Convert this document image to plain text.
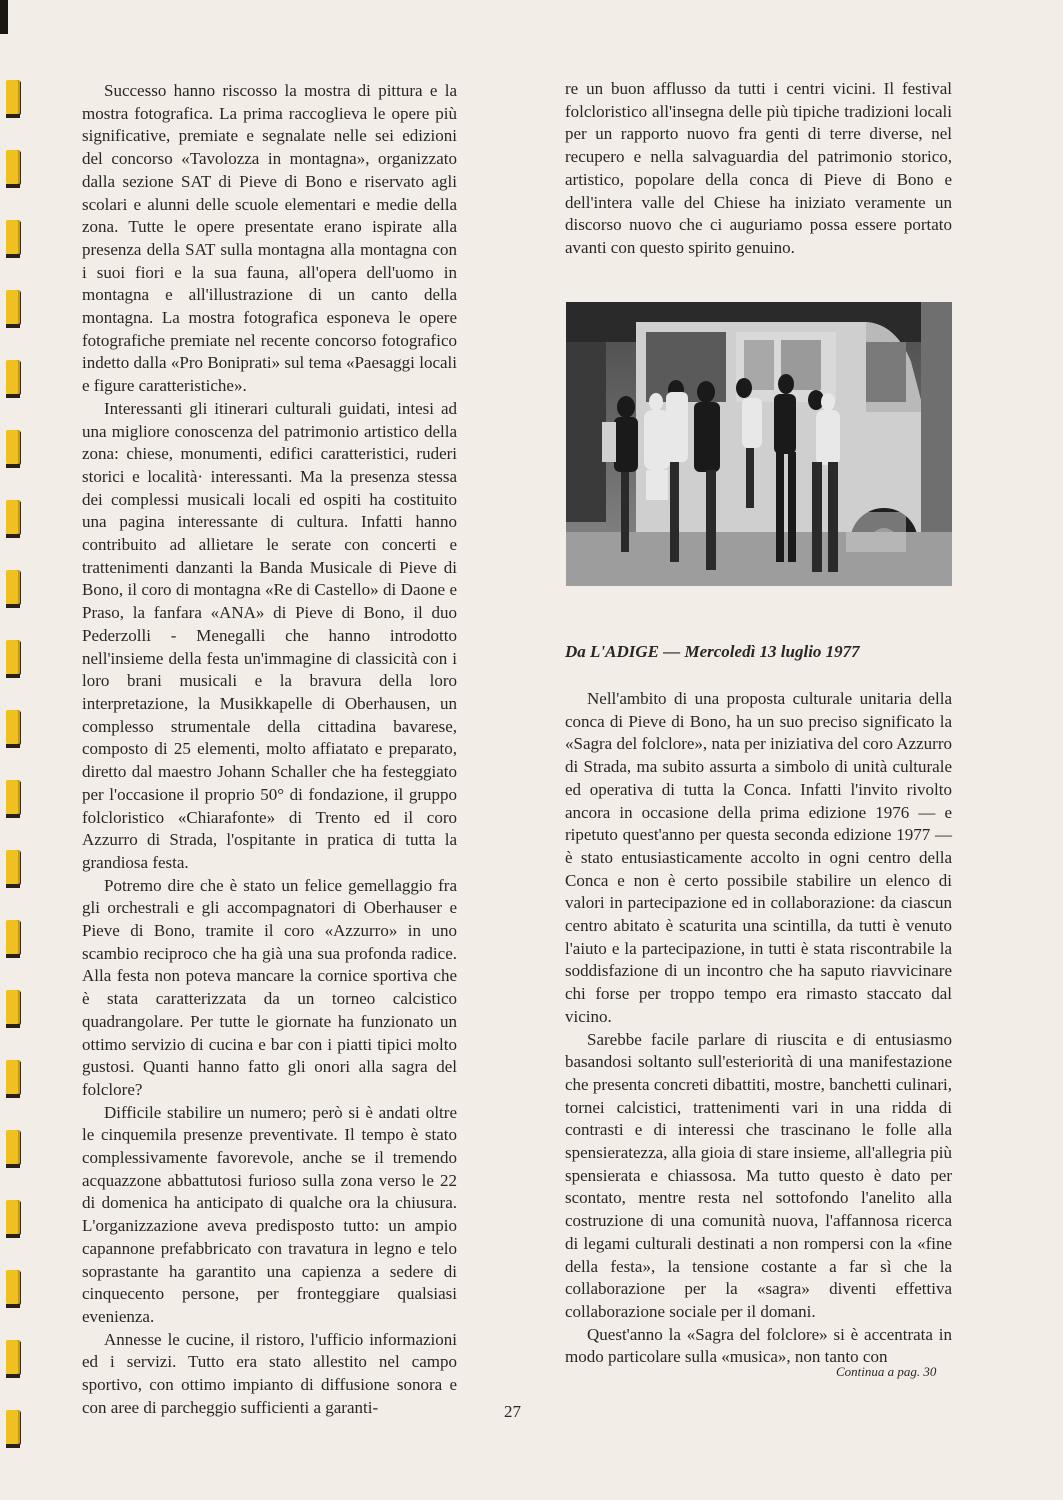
Successo hanno riscosso la mostra di pittura e la mostra fotografica. La prima raccoglieva le opere più significative, premiate e segnalate nelle sei edizioni del concorso «Tavolozza in montagna», organizzato dalla sezione SAT di Pieve di Bono e riservato agli scolari e alunni delle scuole elementari e medie della zona. Tutte le opere presentate erano ispirate alla presenza della SAT sulla montagna alla montagna con i suoi fiori e la sua fauna, all'opera dell'uomo in montagna e all'illustrazione di un canto della montagna. La mostra fotografica esponeva le opere fotografiche premiate nel recente concorso fotografico indetto dalla «Pro Boniprati» sul tema «Paesaggi locali e figure caratteristiche».

Interessanti gli itinerari culturali guidati, intesi ad una migliore conoscenza del patrimonio artistico della zona: chiese, monumenti, edifici caratteristici, ruderi storici e località· interessanti. Ma la presenza stessa dei complessi musicali locali ed ospiti ha costituito una pagina interessante di cultura. Infatti hanno contribuito ad allietare le serate con concerti e trattenimenti danzanti la Banda Musicale di Pieve di Bono, il coro di montagna «Re di Castello» di Daone e Praso, la fanfara «ANA» di Pieve di Bono, il duo Pederzolli - Menegalli che hanno introdotto nell'insieme della festa un'immagine di classicità con i loro brani musicali e la bravura della loro interpretazione, la Musikkapelle di Oberhausen, un complesso strumentale della cittadina bavarese, composto di 25 elementi, molto affiatato e preparato, diretto dal maestro Johann Schaller che ha festeggiato per l'occasione il proprio 50° di fondazione, il gruppo folcloristico «Chiarafonte» di Trento ed il coro Azzurro di Strada, l'ospitante in pratica di tutta la grandiosa festa.

Potremo dire che è stato un felice gemellaggio fra gli orchestrali e gli accompagnatori di Oberhauser e Pieve di Bono, tramite il coro «Azzurro» in uno scambio reciproco che ha già una sua profonda radice. Alla festa non poteva mancare la cornice sportiva che è stata caratterizzata da un torneo calcistico quadrangolare. Per tutte le giornate ha funzionato un ottimo servizio di cucina e bar con i piatti tipici molto gustosi. Quanti hanno fatto gli onori alla sagra del folclore?

Difficile stabilire un numero; però si è andati oltre le cinquemila presenze preventivate. Il tempo è stato complessivamente favorevole, anche se il tremendo acquazzone abbattutosi furioso sulla zona verso le 22 di domenica ha anticipato di qualche ora la chiusura. L'organizzazione aveva predisposto tutto: un ampio capannone prefabbricato con travatura in legno e telo soprastante ha garantito una capienza a sedere di cinquecento persone, per fronteggiare qualsiasi evenienza.

Annesse le cucine, il ristoro, l'ufficio informazioni ed i servizi. Tutto era stato allestito nel campo sportivo, con ottimo impianto di diffusione sonora e con aree di parcheggio sufficienti a garanti-

re un buon afflusso da tutti i centri vicini. Il festival folcloristico all'insegna delle più tipiche tradizioni locali per un rapporto nuovo fra genti di terre diverse, nel recupero e nella salvaguardia del patrimonio storico, artistico, popolare della conca di Pieve di Bono e dell'intera valle del Chiese ha iniziato veramente un discorso nuovo che ci auguriamo possa essere portato avanti con questo spirito genuino.

Da L'ADIGE — Mercoledì 13 luglio 1977

Nell'ambito di una proposta culturale unitaria della conca di Pieve di Bono, ha un suo preciso significato la «Sagra del folclore», nata per iniziativa del coro Azzurro di Strada, ma subito assurta a simbolo di unità culturale ed operativa di tutta la Conca. Infatti l'invito rivolto ancora in occasione della prima edizione 1976 — e ripetuto quest'anno per questa seconda edizione 1977 — è stato entusiasticamente accolto in ogni centro della Conca e non è certo possibile stabilire un elenco di valori in partecipazione ed in collaborazione: da ciascun centro abitato è scaturita una scintilla, da tutti è venuto l'aiuto e la partecipazione, in tutti è stata riscontrabile la soddisfazione di un incontro che ha saputo riavvicinare chi forse per troppo tempo era rimasto staccato dal vicino.

Sarebbe facile parlare di riuscita e di entusiasmo basandosi soltanto sull'esteriorità di una manifestazione che presenta concreti dibattiti, mostre, banchetti culinari, tornei calcistici, trattenimenti vari in una ridda di contrasti e di interessi che trascinano le folle alla spensieratezza, alla gioia di stare insieme, all'allegria più spensierata e chiassosa. Ma tutto questo è dato per scontato, mentre resta nel sottofondo l'anelito alla costruzione di una comunità nuova, l'affannosa ricerca di legami culturali destinati a non rompersi con la «fine della festa», la tensione costante a far sì che la collaborazione per la «sagra» diventi effettiva collaborazione sociale per il domani.

Quest'anno la «Sagra del folclore» si è accentrata in modo particolare sulla «musica», non tanto con

Continua a pag. 30
27
